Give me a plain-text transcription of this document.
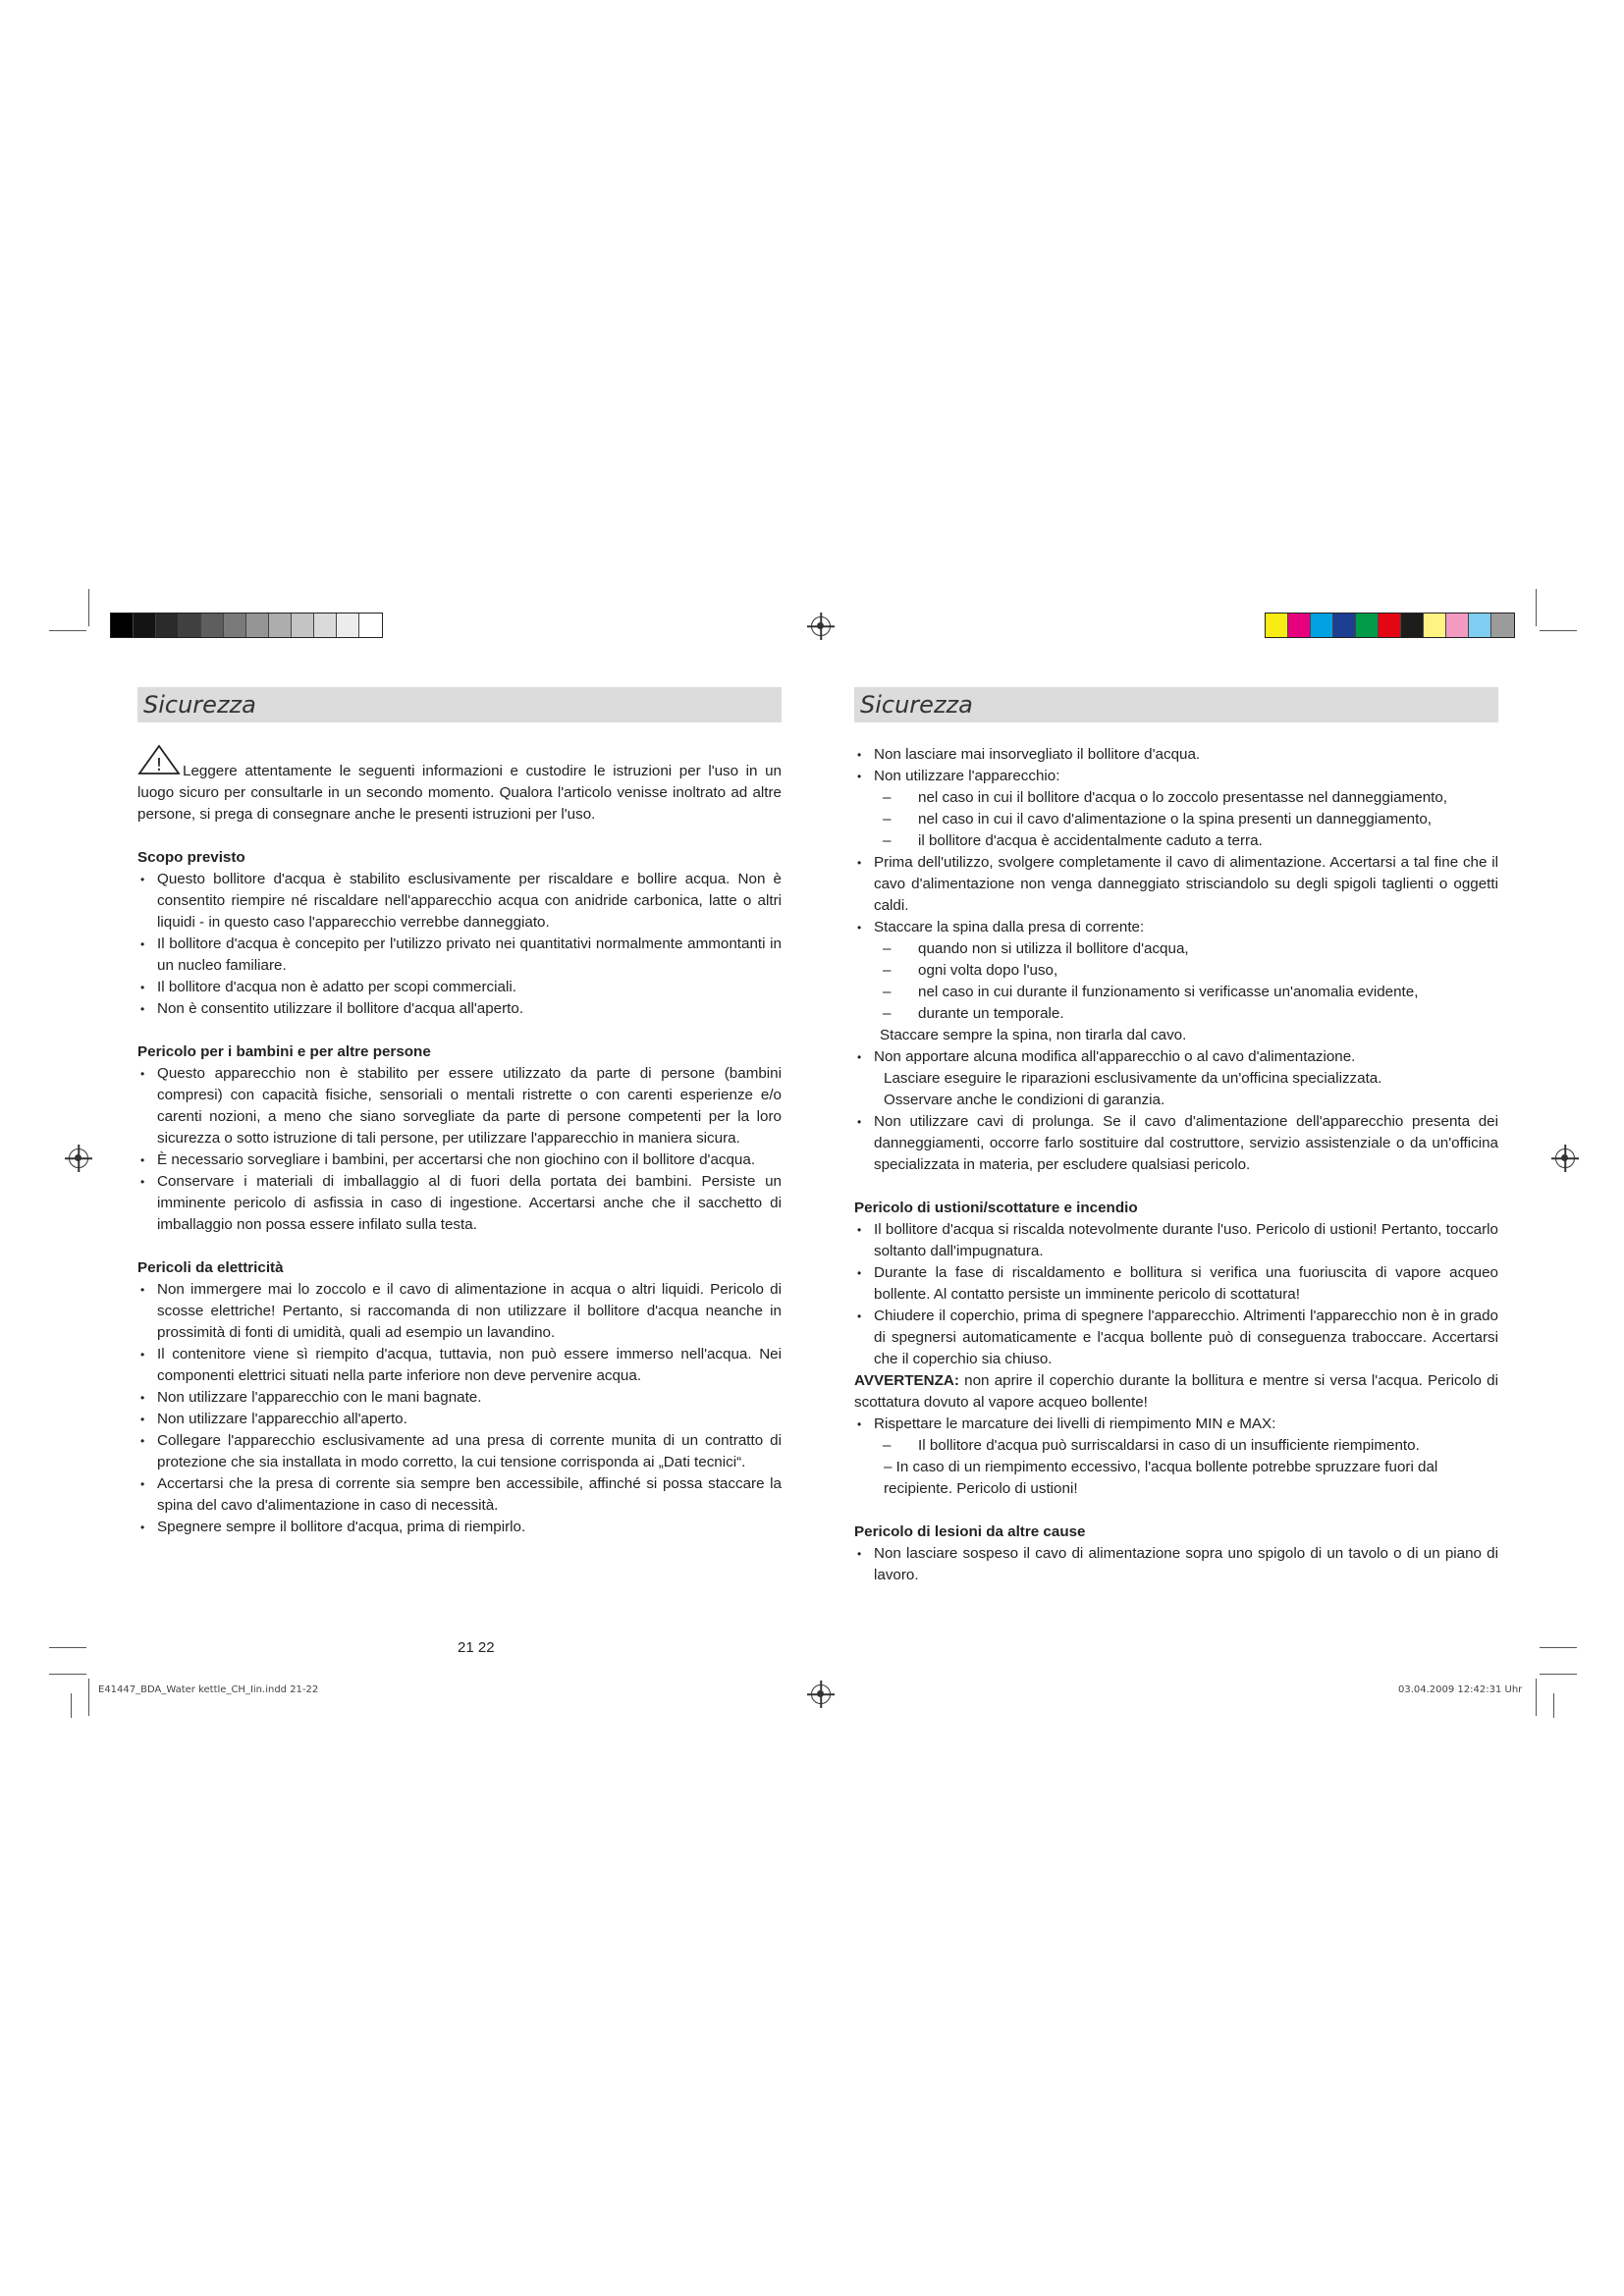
Sicurezza
! Leggere attentamente le seguenti informazioni e custodire le istruzioni per l'uso in un luogo sicuro per consultarle in un secondo momento. Qualora l'articolo venisse inoltrato ad altre persone, si prega di consegnare anche le presenti istruzioni per l'uso.
Scopo previsto
• Questo bollitore d'acqua è stabilito esclusivamente per riscaldare e bollire acqua. Non è consentito riempire né riscaldare nell'apparecchio acqua con anidride carbonica, latte o altri liquidi - in questo caso l'apparecchio verrebbe danneggiato.
• Il bollitore d'acqua è concepito per l'utilizzo privato nei quantitativi normalmente ammontanti in un nucleo familiare.
• Il bollitore d'acqua non è adatto per scopi commerciali.
• Non è consentito utilizzare il bollitore d'acqua all'aperto.
Pericolo per i bambini e per altre persone
• Questo apparecchio non è stabilito per essere utilizzato da parte di persone (bambini compresi) con capacità fisiche, sensoriali o mentali ristrette o con carenti esperienze e/o carenti nozioni, a meno che siano sorvegliate da parte di persone competenti per la loro sicurezza o sotto istruzione di tali persone, per utilizzare l'apparecchio in maniera sicura.
• È necessario sorvegliare i bambini, per accertarsi che non giochino con il bollitore d'acqua.
• Conservare i materiali di imballaggio al di fuori della portata dei bambini. Persiste un imminente pericolo di asfissia in caso di ingestione. Accertarsi anche che il sacchetto di imballaggio non possa essere infilato sulla testa.
Pericoli da elettricità
• Non immergere mai lo zoccolo e il cavo di alimentazione in acqua o altri liquidi. Pericolo di scosse elettriche! Pertanto, si raccomanda di non utilizzare il bollitore d'acqua neanche in prossimità di fonti di umidità, quali ad esempio un lavandino.
• Il contenitore viene sì riempito d'acqua, tuttavia, non può essere immerso nell'acqua. Nei componenti elettrici situati nella parte inferiore non deve pervenire acqua.
• Non utilizzare l'apparecchio con le mani bagnate.
• Non utilizzare l'apparecchio all'aperto.
• Collegare l'apparecchio esclusivamente ad una presa di corrente munita di un contratto di protezione che sia installata in modo corretto, la cui tensione corrisponda ai „Dati tecnici“.
• Accertarsi che la presa di corrente sia sempre ben accessibile, affinché si possa staccare la spina del cavo d'alimentazione in caso di necessità.
• Spegnere sempre il bollitore d'acqua, prima di riempirlo.
21 22
Sicurezza
• Non lasciare mai insorvegliato il bollitore d'acqua.
• Non utilizzare l'apparecchio:
– nel caso in cui il bollitore d'acqua o lo zoccolo presentasse nel danneggiamento,
– nel caso in cui il cavo d'alimentazione o la spina presenti un danneggiamento,
– il bollitore d'acqua è accidentalmente caduto a terra.
• Prima dell'utilizzo, svolgere completamente il cavo di alimentazione. Accertarsi a tal fine che il cavo d'alimentazione non venga danneggiato strisciandolo su degli spigoli taglienti o oggetti caldi.
• Staccare la spina dalla presa di corrente:
– quando non si utilizza il bollitore d'acqua,
– ogni volta dopo l'uso,
– nel caso in cui durante il funzionamento si verificasse un'anomalia evidente,
– durante un temporale.
Staccare sempre la spina, non tirarla dal cavo.
• Non apportare alcuna modifica all'apparecchio o al cavo d'alimentazione.
Lasciare eseguire le riparazioni esclusivamente da un'officina specializzata.
Osservare anche le condizioni di garanzia.
• Non utilizzare cavi di prolunga. Se il cavo d'alimentazione dell'apparecchio presenta dei danneggiamenti, occorre farlo sostituire dal costruttore, servizio assistenziale o da un'officina specializzata in materia, per escludere qualsiasi pericolo.
Pericolo di ustioni/scottature e incendio
• Il bollitore d'acqua si riscalda notevolmente durante l'uso. Pericolo di ustioni! Pertanto, toccarlo soltanto dall'impugnatura.
• Durante la fase di riscaldamento e bollitura si verifica una fuoriuscita di vapore acqueo bollente. Al contatto persiste un imminente pericolo di scottatura!
• Chiudere il coperchio, prima di spegnere l'apparecchio. Altrimenti l'apparecchio non è in grado di spegnersi automaticamente e l'acqua bollente può di conseguenza traboccare. Accertarsi che il coperchio sia chiuso.
AVVERTENZA: non aprire il coperchio durante la bollitura e mentre si versa l'acqua. Pericolo di scottatura dovuto al vapore acqueo bollente!
• Rispettare le marcature dei livelli di riempimento MIN e MAX:
– Il bollitore d'acqua può surriscaldarsi in caso di un insufficiente riempimento.
– In caso di un riempimento eccessivo, l'acqua bollente potrebbe spruzzare fuori dal recipiente. Pericolo di ustioni!
Pericolo di lesioni da altre cause
• Non lasciare sospeso il cavo di alimentazione sopra uno spigolo di un tavolo o di un piano di lavoro.
E41447_BDA_Water kettle_CH_Iin.indd 21-22	03.04.2009 12:42:31 Uhr
